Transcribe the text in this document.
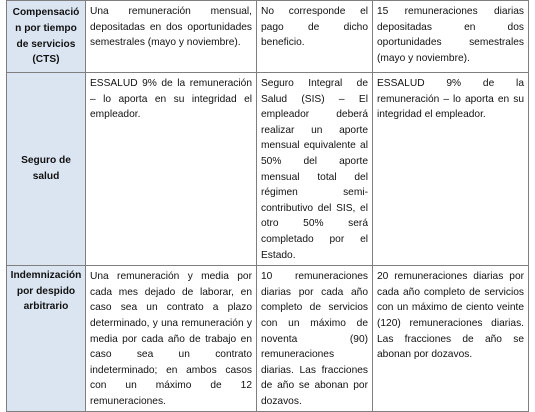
Compensación por tiempo de servicios (CTS)	Una remuneración mensual, depositadas en dos oportunidades semestrales (mayo y noviembre).	No corresponde el pago de dicho beneficio.	15 remuneraciones diarias depositadas en dos oportunidades semestrales (mayo y noviembre).
Seguro de salud	ESSALUD 9% de la remuneración – lo aporta en su integridad el empleador.	Seguro Integral de Salud (SIS) – El empleador deberá realizar un aporte mensual equivalente al 50% del aporte mensual total del régimen semi-contributivo del SIS, el otro 50% será completado por el Estado.	ESSALUD 9% de la remuneración – lo aporta en su integridad el empleador.
Indemnización por despido arbitrario	Una remuneración y media por cada mes dejado de laborar, en caso sea un contrato a plazo determinado, y una remuneración y media por cada año de trabajo en caso sea un contrato indeterminado; en ambos casos con un máximo de 12 remuneraciones.	10 remuneraciones diarias por cada año completo de servicios con un máximo de noventa (90) remuneraciones diarias. Las fracciones de año se abonan por dozavos.	20 remuneraciones diarias por cada año completo de servicios con un máximo de ciento veinte (120) remuneraciones diarias. Las fracciones de año se abonan por dozavos.
